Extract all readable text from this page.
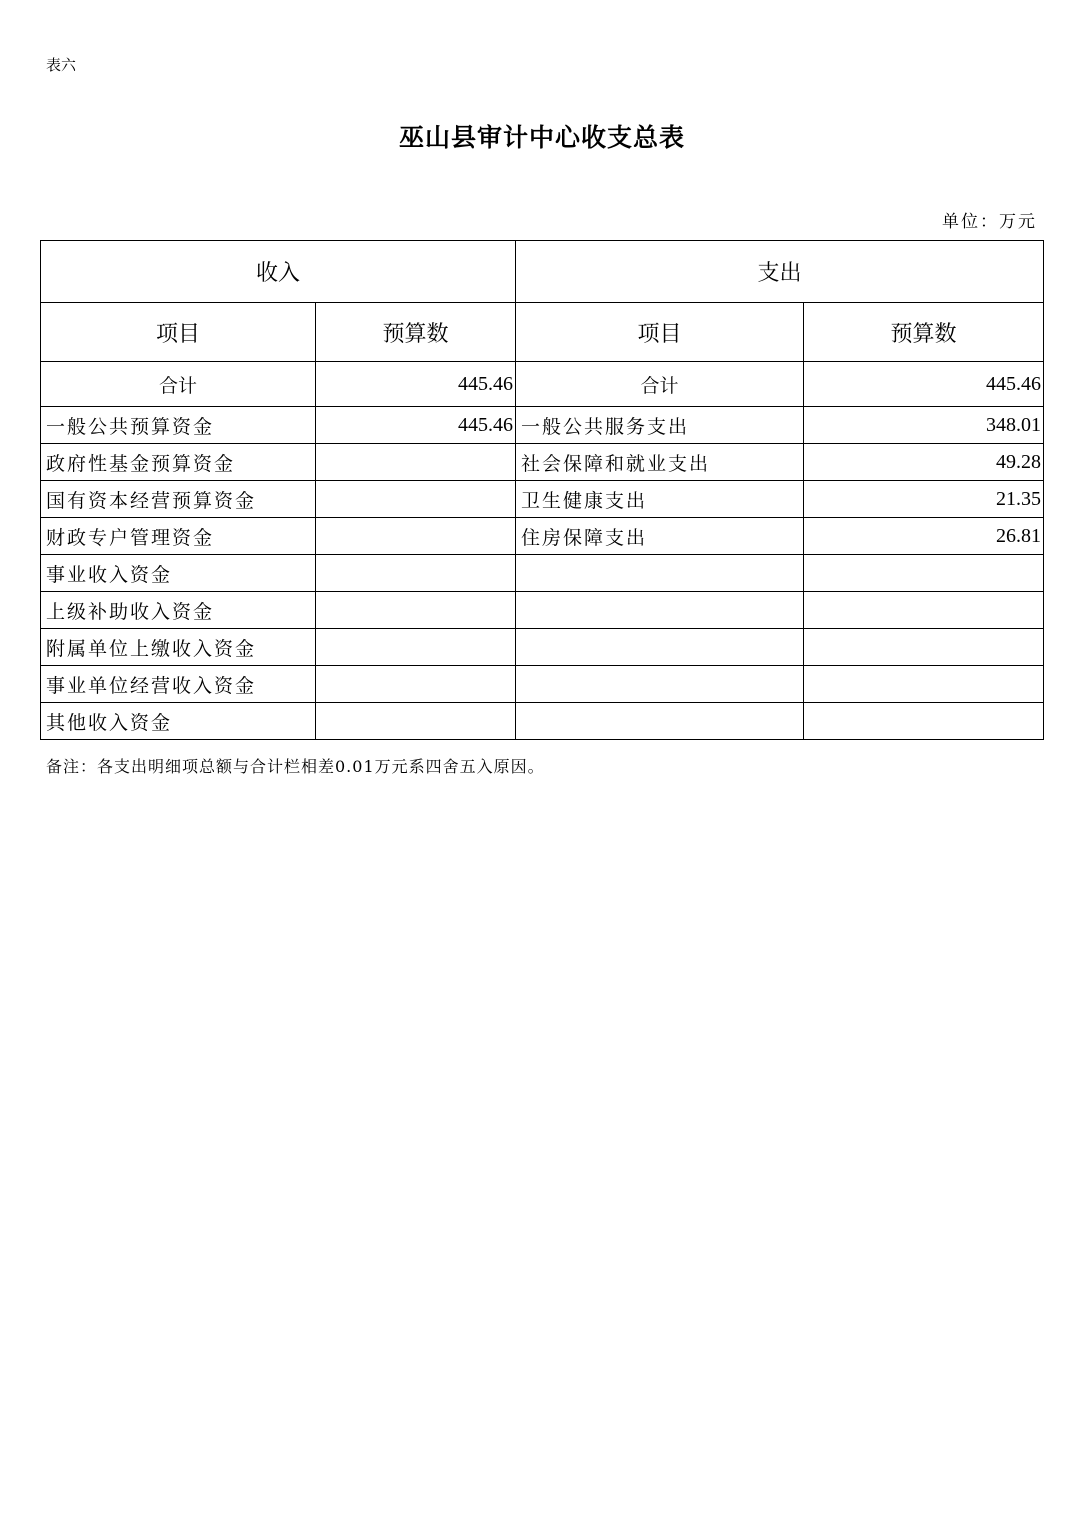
表六
巫山县审计中心收支总表
单位：万元
收入		支出	
项目	预算数	项目	预算数
合计	445.46	合计	445.46
一般公共预算资金	445.46	一般公共服务支出	348.01
政府性基金预算资金		社会保障和就业支出	49.28
国有资本经营预算资金		卫生健康支出	21.35
财政专户管理资金		住房保障支出	26.81
事业收入资金			
上级补助收入资金			
附属单位上缴收入资金			
事业单位经营收入资金			
其他收入资金			
备注：各支出明细项总额与合计栏相差0.01万元系四舍五入原因。
